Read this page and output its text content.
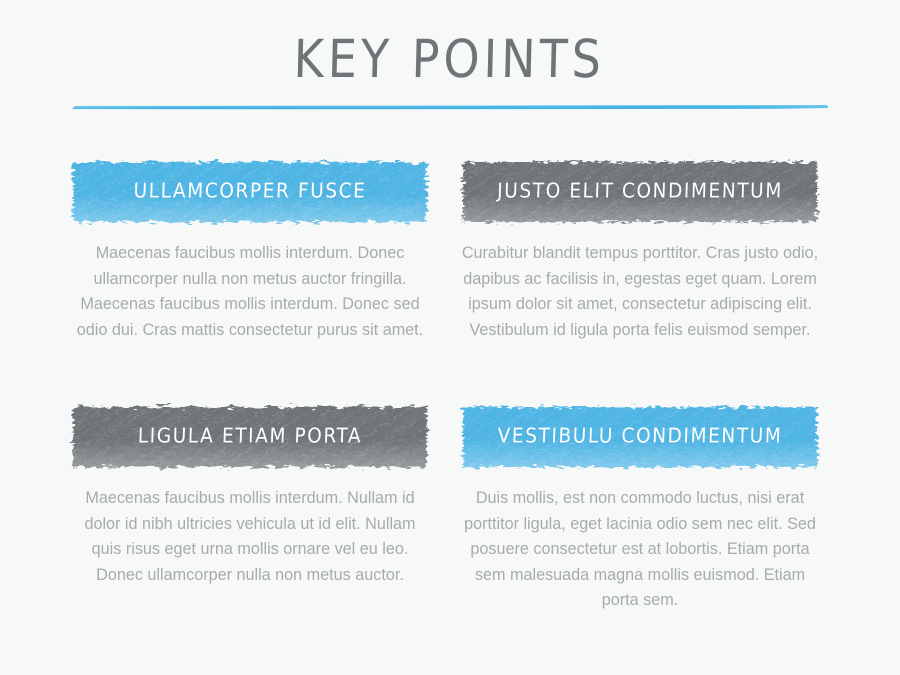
KEY POINTS
ULLAMCORPER FUSCE
Maecenas faucibus mollis interdum. Donec ullamcorper nulla non metus auctor fringilla. Maecenas faucibus mollis interdum. Donec sed odio dui. Cras mattis consectetur purus sit amet.
JUSTO ELIT CONDIMENTUM
Curabitur blandit tempus porttitor. Cras justo odio, dapibus ac facilisis in, egestas eget quam. Lorem ipsum dolor sit amet, consectetur adipiscing elit. Vestibulum id ligula porta felis euismod semper.
LIGULA ETIAM PORTA
Maecenas faucibus mollis interdum. Nullam id dolor id nibh ultricies vehicula ut id elit. Nullam quis risus eget urna mollis ornare vel eu leo. Donec ullamcorper nulla non metus auctor.
VESTIBULU CONDIMENTUM
Duis mollis, est non commodo luctus, nisi erat porttitor ligula, eget lacinia odio sem nec elit. Sed posuere consectetur est at lobortis. Etiam porta sem malesuada magna mollis euismod. Etiam porta sem.
